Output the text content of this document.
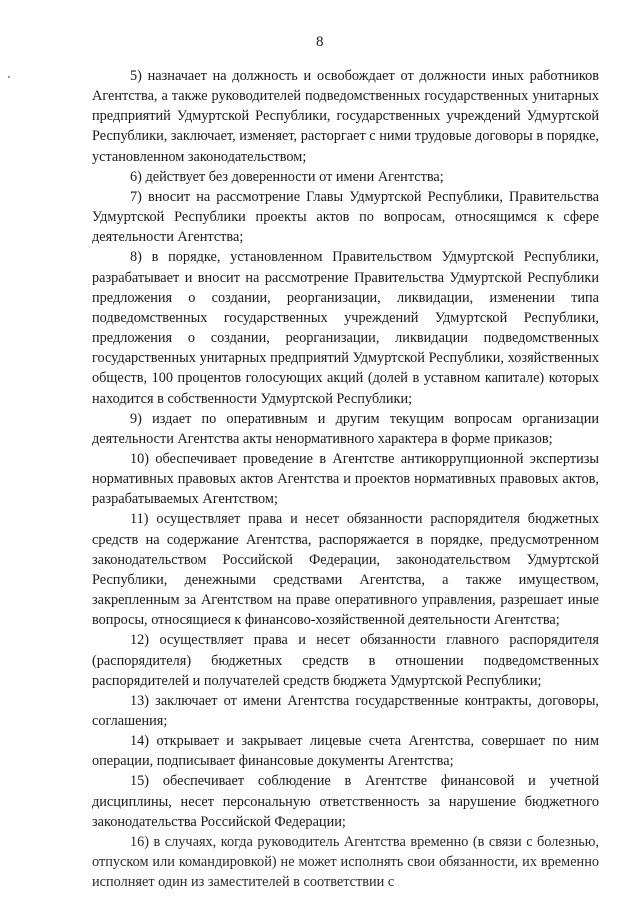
8

5) назначает на должность и освобождает от должности иных работников Агентства, а также руководителей подведомственных государственных унитарных предприятий Удмуртской Республики, государственных учреждений Удмуртской Республики, заключает, изменяет, расторгает с ними трудовые договоры в порядке, установленном законодательством;

6) действует без доверенности от имени Агентства;

7) вносит на рассмотрение Главы Удмуртской Республики, Правительства Удмуртской Республики проекты актов по вопросам, относящимся к сфере деятельности Агентства;

8) в порядке, установленном Правительством Удмуртской Республики, разрабатывает и вносит на рассмотрение Правительства Удмуртской Республики предложения о создании, реорганизации, ликвидации, изменении типа подведомственных государственных учреждений Удмуртской Республики, предложения о создании, реорганизации, ликвидации подведомственных государственных унитарных предприятий Удмуртской Республики, хозяйственных обществ, 100 процентов голосующих акций (долей в уставном капитале) которых находится в собственности Удмуртской Республики;

9) издает по оперативным и другим текущим вопросам организации деятельности Агентства акты ненормативного характера в форме приказов;

10) обеспечивает проведение в Агентстве антикоррупционной экспертизы нормативных правовых актов Агентства и проектов нормативных правовых актов, разрабатываемых Агентством;

11) осуществляет права и несет обязанности распорядителя бюджетных средств на содержание Агентства, распоряжается в порядке, предусмотренном законодательством Российской Федерации, законодательством Удмуртской Республики, денежными средствами Агентства, а также имуществом, закрепленным за Агентством на праве оперативного управления, разрешает иные вопросы, относящиеся к финансово-хозяйственной деятельности Агентства;

12) осуществляет права и несет обязанности главного распорядителя (распорядителя) бюджетных средств в отношении подведомственных распорядителей и получателей средств бюджета Удмуртской Республики;

13) заключает от имени Агентства государственные контракты, договоры, соглашения;

14) открывает и закрывает лицевые счета Агентства, совершает по ним операции, подписывает финансовые документы Агентства;

15) обеспечивает соблюдение в Агентстве финансовой и учетной дисциплины, несет персональную ответственность за нарушение бюджетного законодательства Российской Федерации;

16) в случаях, когда руководитель Агентства временно (в связи с болезнью, отпуском или командировкой) не может исполнять свои обязанности, их временно исполняет один из заместителей в соответствии с
